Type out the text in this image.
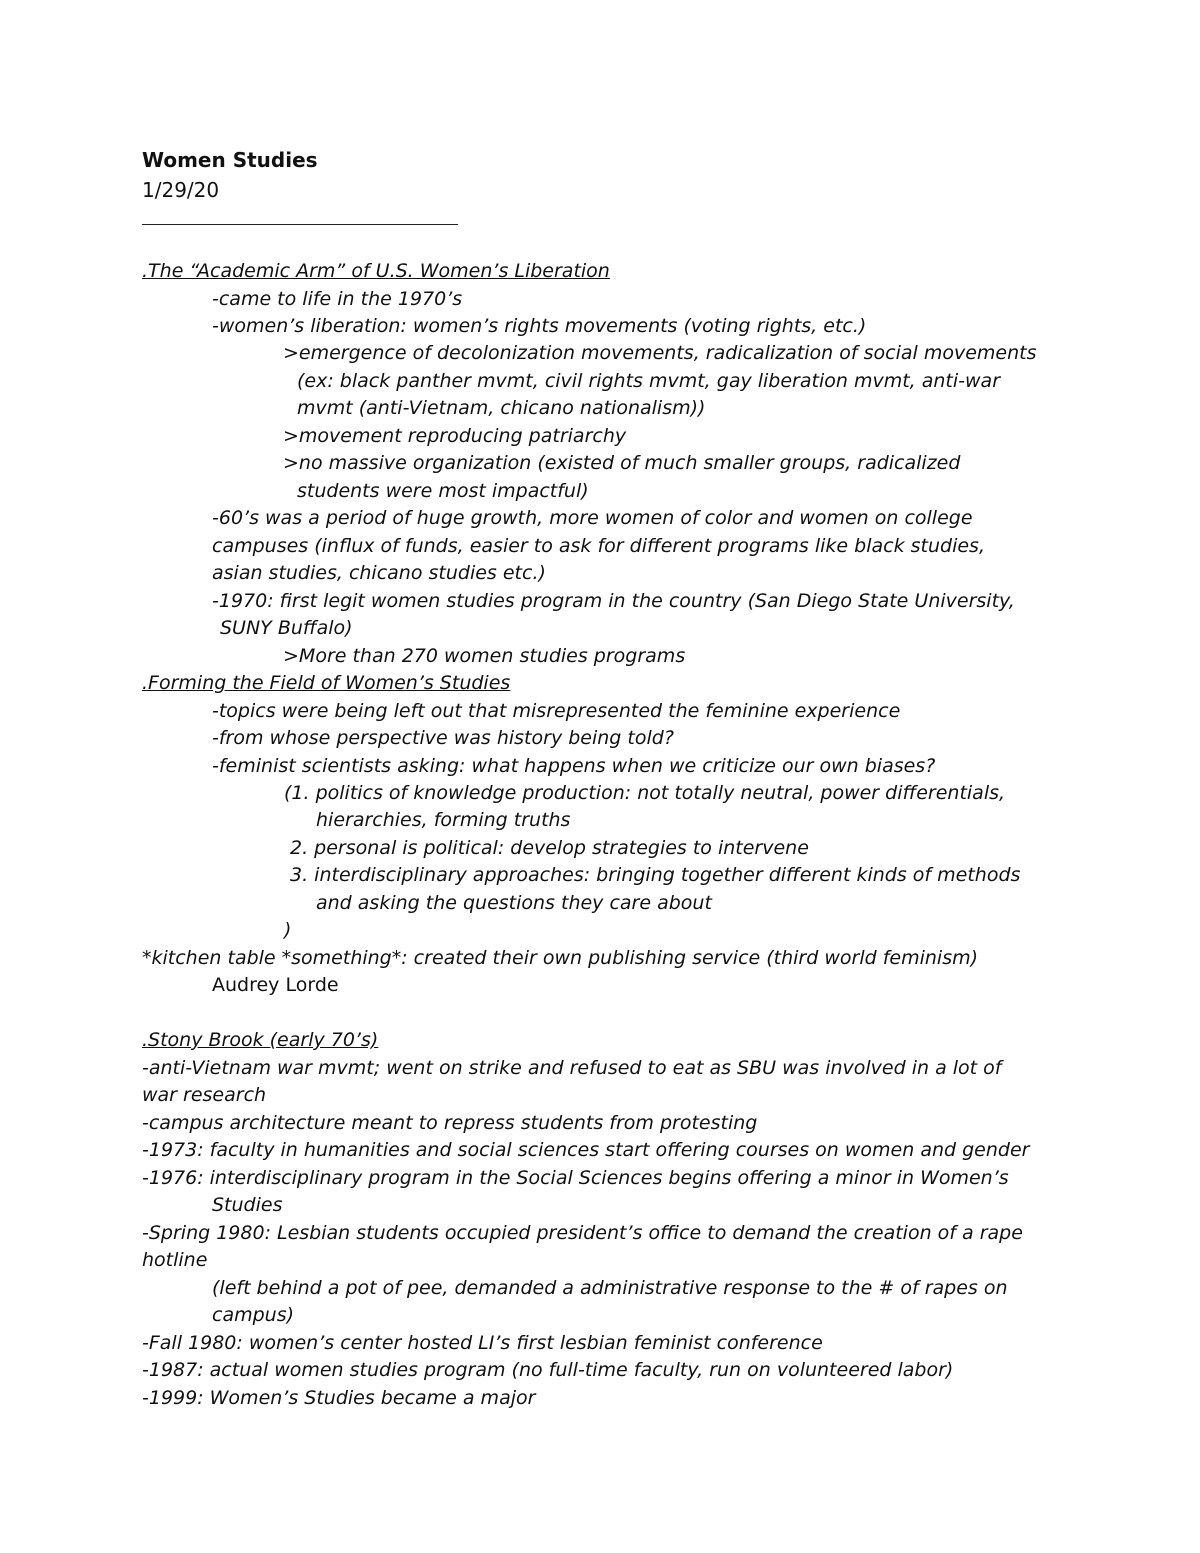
Women Studies
1/29/20
.The “Academic Arm” of U.S. Women’s Liberation
-came to life in the 1970’s
-women’s liberation: women’s rights movements (voting rights, etc.)
>emergence of decolonization movements, radicalization of social movements
(ex: black panther mvmt, civil rights mvmt, gay liberation mvmt, anti-war
mvmt (anti-Vietnam, chicano nationalism))
>movement reproducing patriarchy
>no massive organization (existed of much smaller groups, radicalized
students were most impactful)
-60’s was a period of huge growth, more women of color and women on college
campuses (influx of funds, easier to ask for different programs like black studies,
asian studies, chicano studies etc.)
-1970: first legit women studies program in the country (San Diego State University,
SUNY Buffalo)
>More than 270 women studies programs
.Forming the Field of Women’s Studies
-topics were being left out that misrepresented the feminine experience
-from whose perspective was history being told?
-feminist scientists asking: what happens when we criticize our own biases?
(1. politics of knowledge production: not totally neutral, power differentials,
hierarchies, forming truths
2. personal is political: develop strategies to intervene
3. interdisciplinary approaches: bringing together different kinds of methods
and asking the questions they care about
)
*kitchen table *something*: created their own publishing service (third world feminism)
Audrey Lorde
.Stony Brook (early 70’s)
-anti-Vietnam war mvmt; went on strike and refused to eat as SBU was involved in a lot of
war research
-campus architecture meant to repress students from protesting
-1973: faculty in humanities and social sciences start offering courses on women and gender
-1976: interdisciplinary program in the Social Sciences begins offering a minor in Women’s
Studies
-Spring 1980: Lesbian students occupied president’s office to demand the creation of a rape
hotline
(left behind a pot of pee, demanded a administrative response to the # of rapes on
campus)
-Fall 1980: women’s center hosted LI’s first lesbian feminist conference
-1987: actual women studies program (no full-time faculty, run on volunteered labor)
-1999: Women’s Studies became a major
